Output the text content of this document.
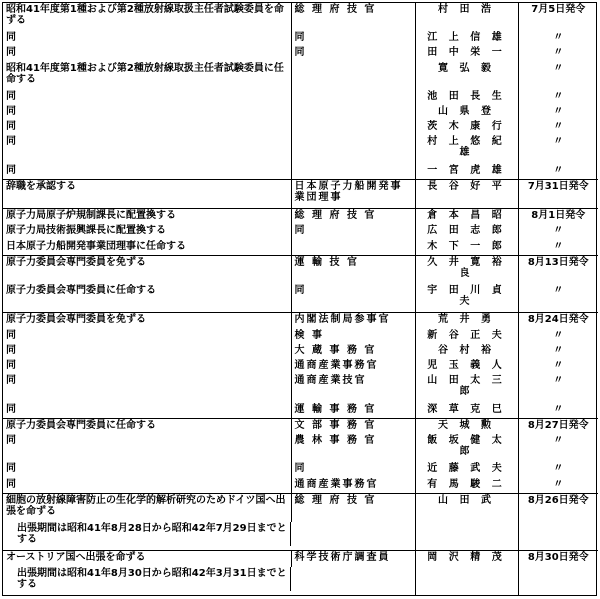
昭和41年度第1種および第2種放射線取扱主任者試験委員を命ずる	総 理 府 技 官	村 田 浩	7月5日発令
同	同	江 上 信 雄	〃
同	同	田 中 栄 一	〃
昭和41年度第1種および第2種放射線取扱主任者試験委員に任命する		寛 弘 毅	〃
同		池 田 長 生	〃
同		山 県 登	〃
同		茨 木 康 行	〃
同		村 上 悠 紀 雄	〃
同		一 宮 虎 雄	〃
辞職を承認する	日本原子力船開発事業団理事	長 谷 好 平	7月31日発令
原子力局原子炉規制課長に配置換する	総 理 府 技 官	倉 本 昌 昭	8月1日発令
原子力局技術振興課長に配置換する	同	広 田 志 郎	〃
日本原子力船開発事業団理事に任命する		木 下 一 郎	〃
原子力委員会専門委員を免ずる	運 輸 技 官	久 井 寛 裕 良	8月13日発令
原子力委員会専門委員に任命する	同	宇 田 川 貞 夫	〃
原子力委員会専門委員を免ずる	内閣法制局参事官	荒 井 勇	8月24日発令
同	検 事	新 谷 正 夫	〃
同	大 蔵 事 務 官	谷 村 裕	〃
同	通商産業事務官	児 玉 義 人	〃
同	通商産業技官	山 田 太 三 郎	〃
同	運 輸 事 務 官	深 草 克 巳	〃
原子力委員会専門委員に任命する	文 部 事 務 官	天 城 勲	8月27日発令
同	農 林 事 務 官	飯 坂 健 太 郎	〃
同	同	近 藤 武 夫	〃
同	通商産業事務官	有 馬 駿 二	〃
細胞の放射線障害防止の生化学的解析研究のためドイツ国へ出張を命ずる	総 理 府 技 官	山 田 武	8月26日発令

出張期間は昭和41年8月28日から昭和42年7月29日までとする

オーストリア国へ出張を命ずる	科学技術庁調査員	岡 沢 精 茂	8月30日発令

出張期間は昭和41年8月30日から昭和42年3月31日までとする
